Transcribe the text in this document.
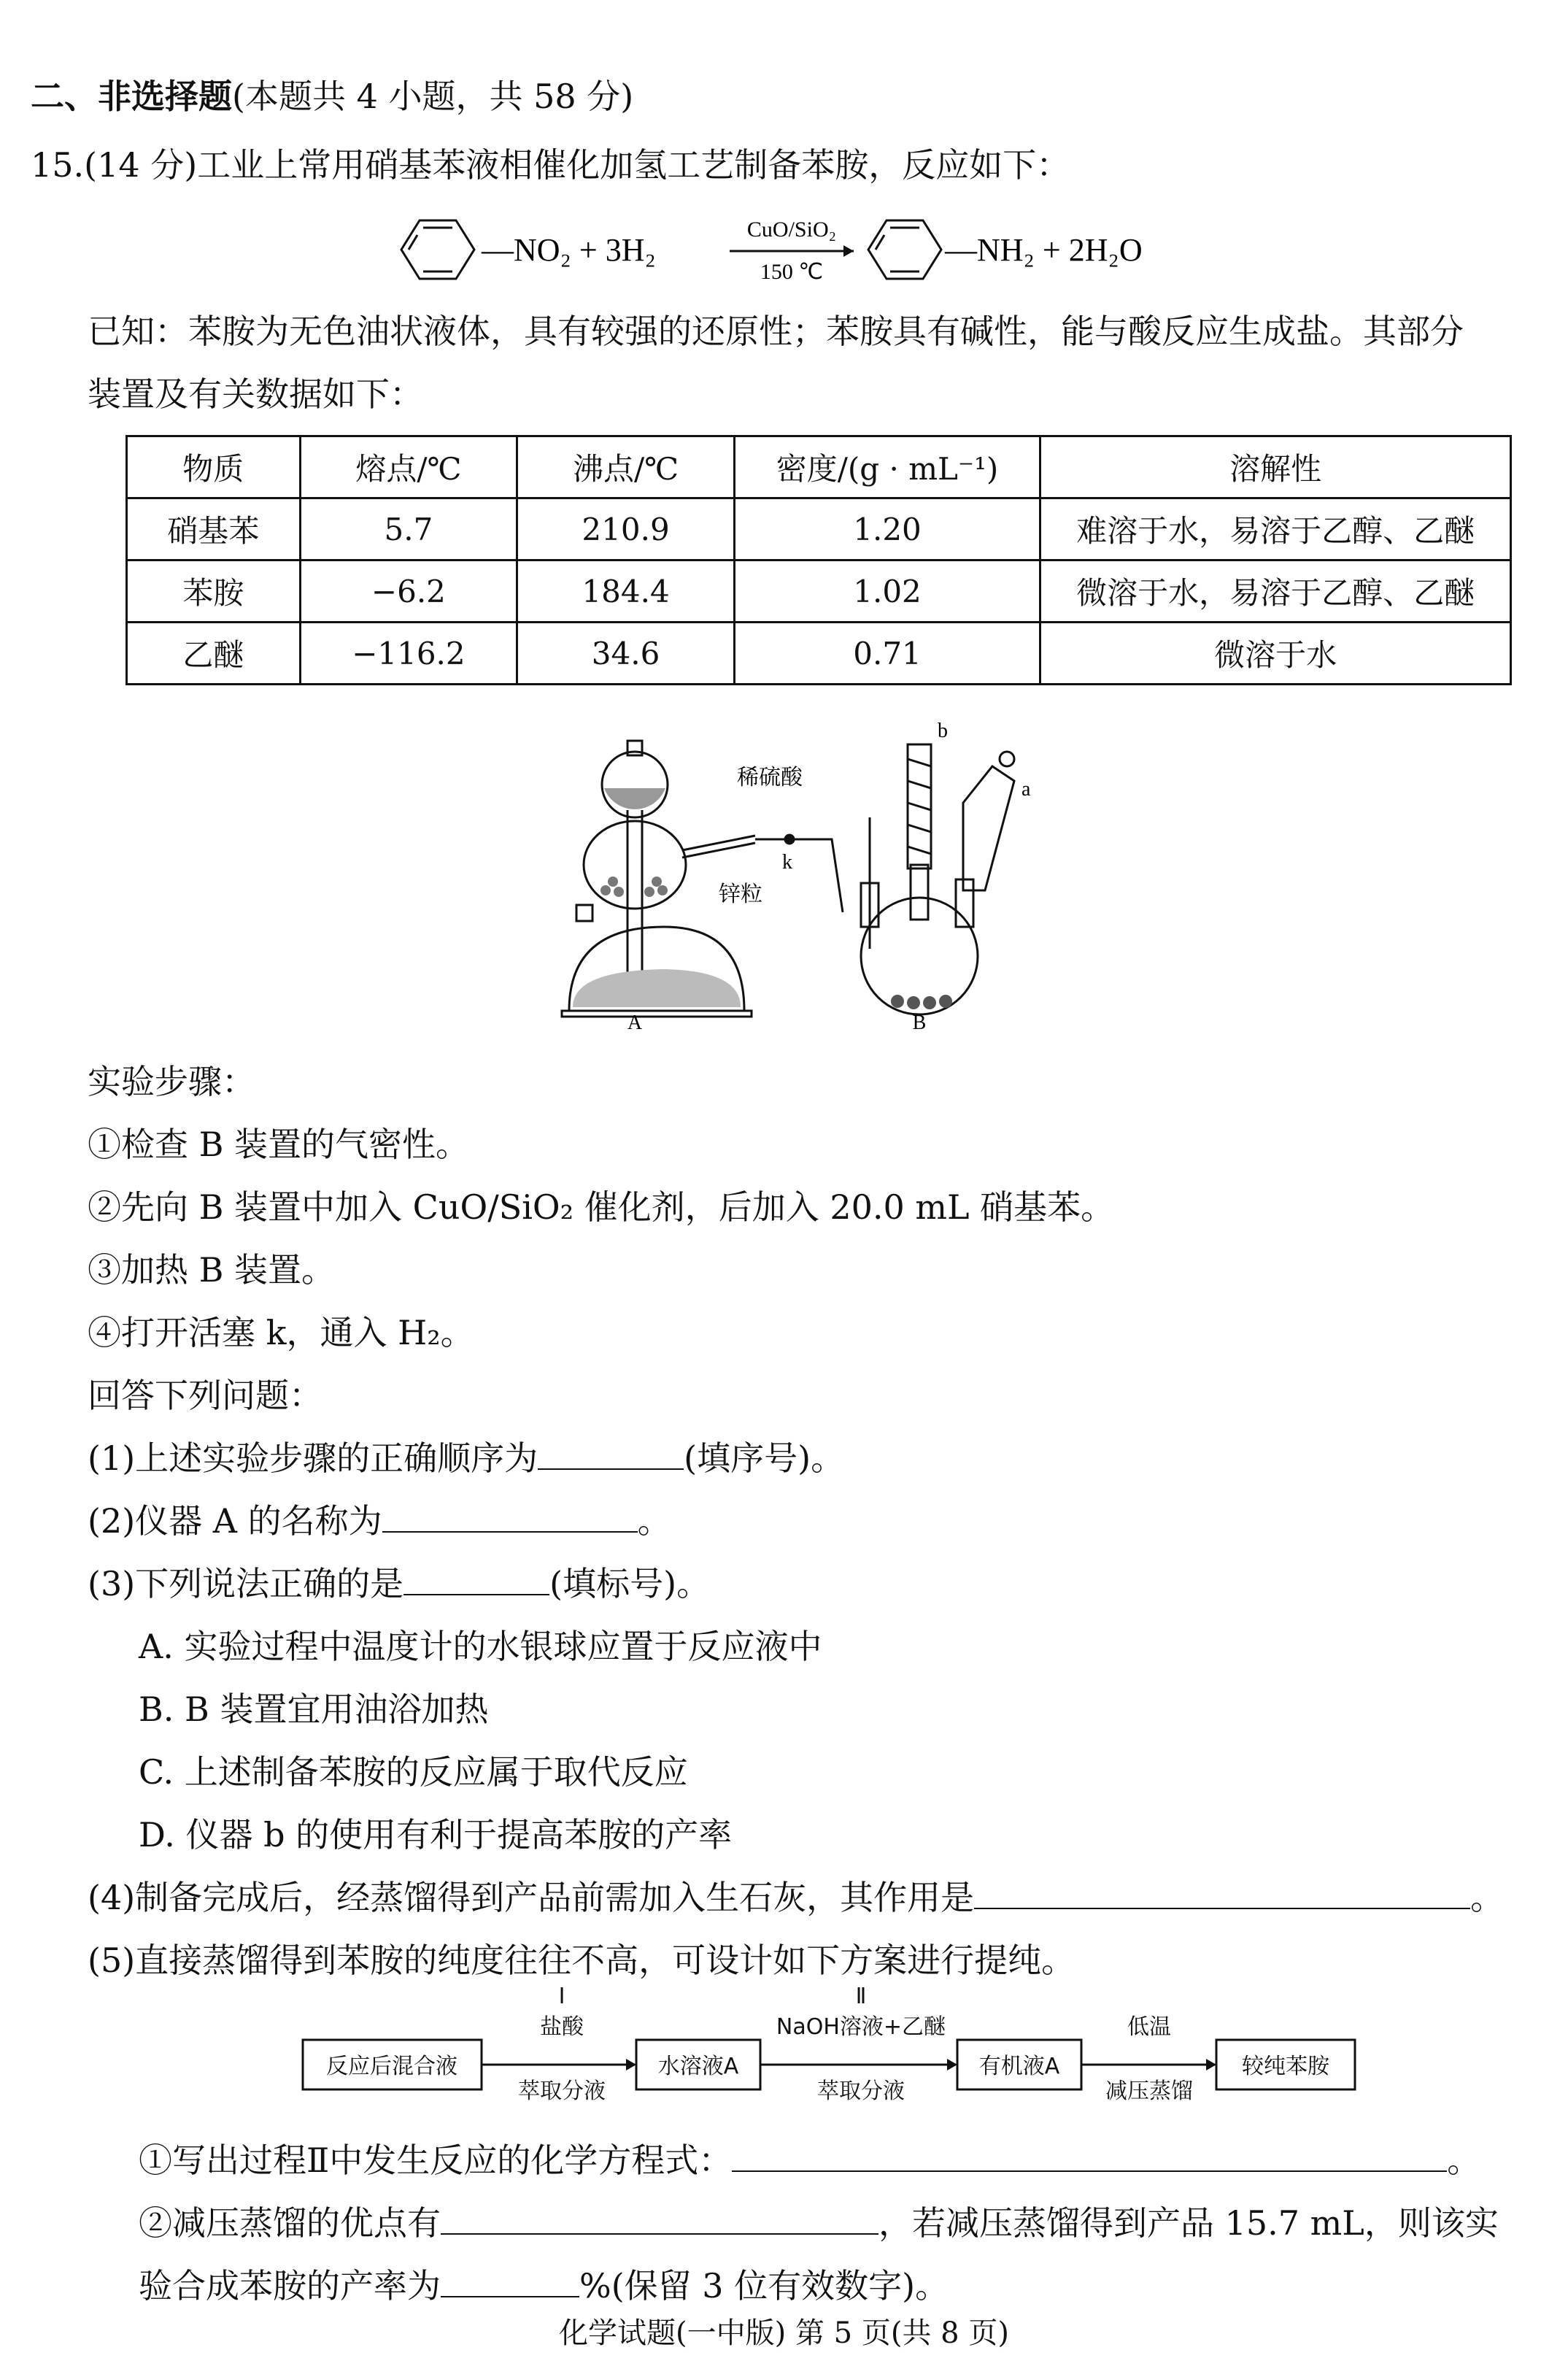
二、非选择题(本题共 4 小题，共 58 分)
15.(14 分)工业上常用硝基苯液相催化加氢工艺制备苯胺，反应如下：
—NO₂ + 3H₂
CuO/SiO₂
150 ℃
—NH₂ + 2H₂O
已知：苯胺为无色油状液体，具有较强的还原性；苯胺具有碱性，能与酸反应生成盐。其部分
装置及有关数据如下：
物质	熔点/℃	沸点/℃	密度/(g · mL⁻¹)	溶解性
硝基苯	5.7	210.9	1.20	难溶于水，易溶于乙醇、乙醚
苯胺	−6.2	184.4	1.02	微溶于水，易溶于乙醇、乙醚
乙醚	−116.2	34.6	0.71	微溶于水
稀硫酸
锌粒
k
b
a
A	B
实验步骤：
①检查 B 装置的气密性。
②先向 B 装置中加入 CuO/SiO₂ 催化剂，后加入 20.0 mL 硝基苯。
③加热 B 装置。
④打开活塞 k，通入 H₂。
回答下列问题：
(1)上述实验步骤的正确顺序为	(填序号)。
(2)仪器 A 的名称为	。
(3)下列说法正确的是	(填标号)。
A. 实验过程中温度计的水银球应置于反应液中
B. B 装置宜用油浴加热
C. 上述制备苯胺的反应属于取代反应
D. 仪器 b 的使用有利于提高苯胺的产率
(4)制备完成后，经蒸馏得到产品前需加入生石灰，其作用是	。
(5)直接蒸馏得到苯胺的纯度往往不高，可设计如下方案进行提纯。
反应后混合液
Ⅰ
盐酸
萃取分液
水溶液A
Ⅱ
NaOH溶液+乙醚
萃取分液
有机液A
低温
减压蒸馏
较纯苯胺
①写出过程Ⅱ中发生反应的化学方程式：	。
②减压蒸馏的优点有	，若减压蒸馏得到产品 15.7 mL，则该实
验合成苯胺的产率为	%(保留 3 位有效数字)。
化学试题(一中版) 第 5 页(共 8 页)
